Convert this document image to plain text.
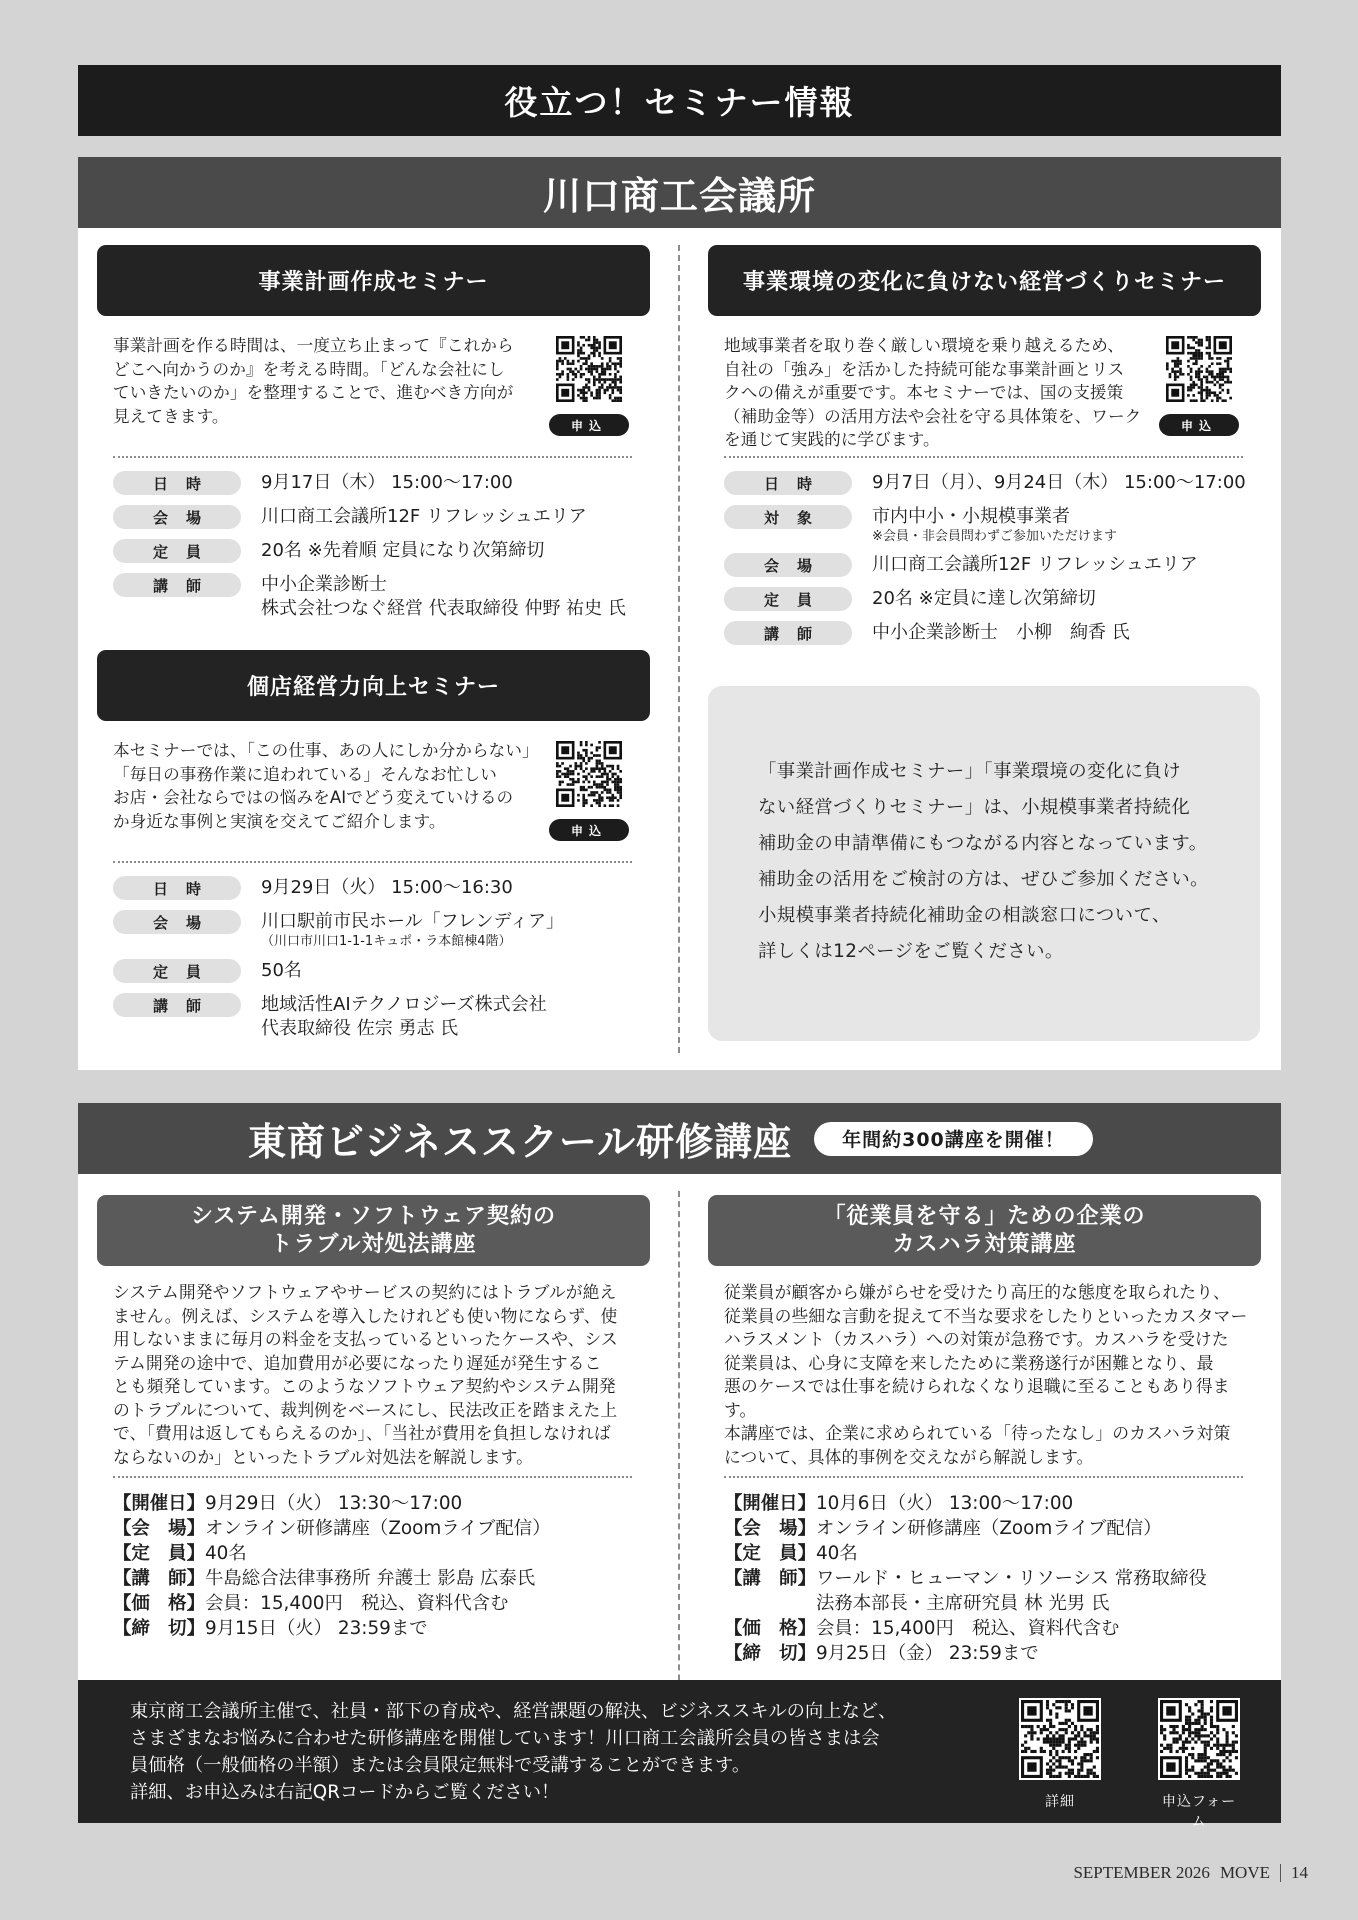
役立つ！セミナー情報
川口商工会議所
事業計画作成セミナー
事業計画を作る時間は、一度立ち止まって『これから
どこへ向かうのか』を考える時間。「どんな会社にし
ていきたいのか」を整理することで、進むべき方向が
見えてきます。	申込
日時	9月17日（木） 15:00〜17:00
会場	川口商工会議所12F リフレッシュエリア
定員	20名 ※先着順 定員になり次第締切
講師	中小企業診断士
株式会社つなぐ経営 代表取締役 仲野 祐史 氏
事業環境の変化に負けない経営づくりセミナー
地域事業者を取り巻く厳しい環境を乗り越えるため、
自社の「強み」を活かした持続可能な事業計画とリス
クへの備えが重要です。本セミナーでは、国の支援策
（補助金等）の活用方法や会社を守る具体策を、ワーク
を通じて実践的に学びます。
申込
日時	9月7日（月）、9月24日（木） 15:00〜17:00
対象	市内中小・小規模事業者
※会員・非会員問わずご参加いただけます
会場	川口商工会議所12F リフレッシュエリア
定員	20名 ※定員に達し次第締切
講師	中小企業診断士　小柳　絢香 氏
個店経営力向上セミナー
本セミナーでは、「この仕事、あの人にしか分からない」
「毎日の事務作業に追われている」そんなお忙しい
お店・会社ならではの悩みをAIでどう変えていけるの
か身近な事例と実演を交えてご紹介します。	申込
日時	9月29日（火） 15:00〜16:30
会場	川口駅前市民ホール「フレンディア」
（川口市川口1-1-1キュポ・ラ本館棟4階）
定員	50名
講師	地域活性AIテクノロジーズ株式会社
代表取締役 佐宗 勇志 氏
「事業計画作成セミナー」「事業環境の変化に負け
ない経営づくりセミナー」は、小規模事業者持続化
補助金の申請準備にもつながる内容となっています。
補助金の活用をご検討の方は、ぜひご参加ください。
小規模事業者持続化補助金の相談窓口について、
詳しくは12ページをご覧ください。
東商ビジネススクール研修講座	年間約300講座を開催！
システム開発・ソフトウェア契約の
トラブル対処法講座
システム開発やソフトウェアやサービスの契約にはトラブルが絶え
ません。例えば、システムを導入したけれども使い物にならず、使
用しないままに毎月の料金を支払っているといったケースや、シス
テム開発の途中で、追加費用が必要になったり遅延が発生するこ
とも頻発しています。このようなソフトウェア契約やシステム開発
のトラブルについて、裁判例をベースにし、民法改正を踏まえた上
で、「費用は返してもらえるのか」、「当社が費用を負担しなければ
ならないのか」といったトラブル対処法を解説します。
【開催日】 9月29日（火） 13:30〜17:00
【会　場】 オンライン研修講座（Zoomライブ配信）
【定　員】 40名
【講　師】 牛島総合法律事務所 弁護士 影島 広泰氏
【価　格】 会員：15,400円　税込、資料代含む
【締　切】 9月15日（火） 23:59まで
「従業員を守る」ための企業の
カスハラ対策講座
従業員が顧客から嫌がらせを受けたり高圧的な態度を取られたり、
従業員の些細な言動を捉えて不当な要求をしたりといったカスタマー
ハラスメント（カスハラ）への対策が急務です。カスハラを受けた
従業員は、心身に支障を来したために業務遂行が困難となり、最
悪のケースでは仕事を続けられなくなり退職に至ることもあり得ます。
本講座では、企業に求められている「待ったなし」のカスハラ対策
について、具体的事例を交えながら解説します。
【開催日】 10月6日（火） 13:00〜17:00
【会　場】 オンライン研修講座（Zoomライブ配信）
【定　員】 40名
【講　師】 ワールド・ヒューマン・リソーシス 常務取締役
法務本部長・主席研究員 林 光男 氏
【価　格】 会員：15,400円　税込、資料代含む
【締　切】 9月25日（金） 23:59まで
東京商工会議所主催で、社員・部下の育成や、経営課題の解決、ビジネススキルの向上など、
さまざまなお悩みに合わせた研修講座を開催しています！川口商工会議所会員の皆さまは会
員価格（一般価格の半額）または会員限定無料で受講することができます。
詳細、お申込みは右記QRコードからご覧ください！	詳細	申込フォーム
SEPTEMBER 2026 MOVE 14
